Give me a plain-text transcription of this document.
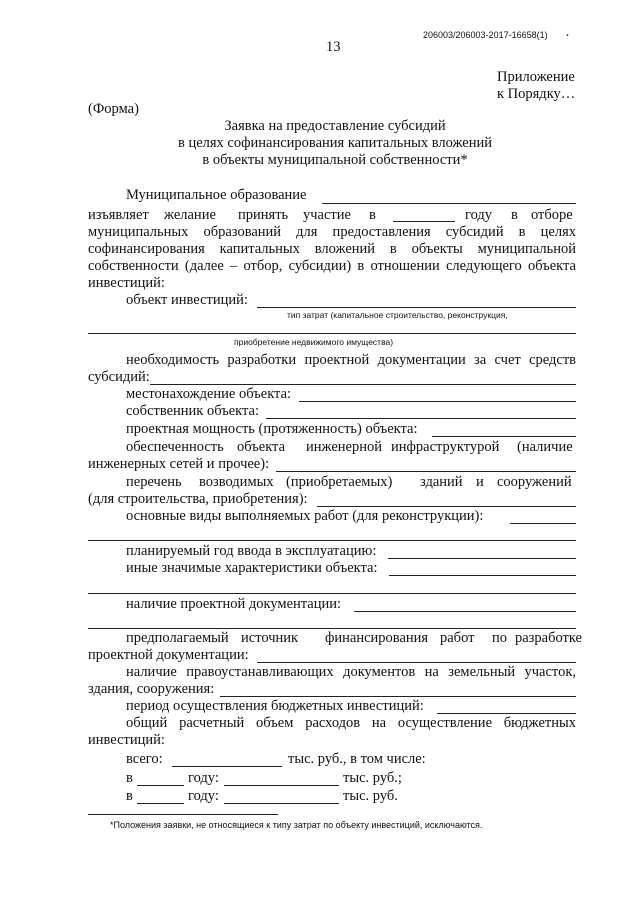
206003/206003-2017-16658(1) •
13
Приложение
к Порядку…
(Форма)
Заявка на предоставление субсидий
в целях софинансирования капитальных вложений
в объекты муниципальной собственности*
Муниципальное образование
изъявляет желание принять участие в	году в отборе
муниципальных образований для предоставления субсидий в целях
софинансирования капитальных вложений в объекты муниципальной
собственности (далее – отбор, субсидии) в отношении следующего объекта
инвестиций:
объект инвестиций:
тип затрат (капитальное строительство, реконструкция,
приобретение недвижимого имущества)
необходимость разработки проектной документации за счет средств
субсидий:
местонахождение объекта:
собственник объекта:
проектная мощность (протяженность) объекта:
обеспеченность объекта инженерной инфраструктурой (наличие
инженерных сетей и прочее):
перечень возводимых (приобретаемых) зданий и сооружений
(для строительства, приобретения):
основные виды выполняемых работ (для реконструкции):
планируемый год ввода в эксплуатацию:
иные значимые характеристики объекта:
наличие проектной документации:
предполагаемый источник финансирования работ по разработке
проектной документации:
наличие правоустанавливающих документов на земельный участок,
здания, сооружения:
период осуществления бюджетных инвестиций:
общий расчетный объем расходов на осуществление бюджетных
инвестиций:
всего:	тыс. руб., в том числе:
в	году:	тыс. руб.;
в	году:	тыс. руб.
*Положения заявки, не относящиеся к типу затрат по объекту инвестиций, исключаются.
